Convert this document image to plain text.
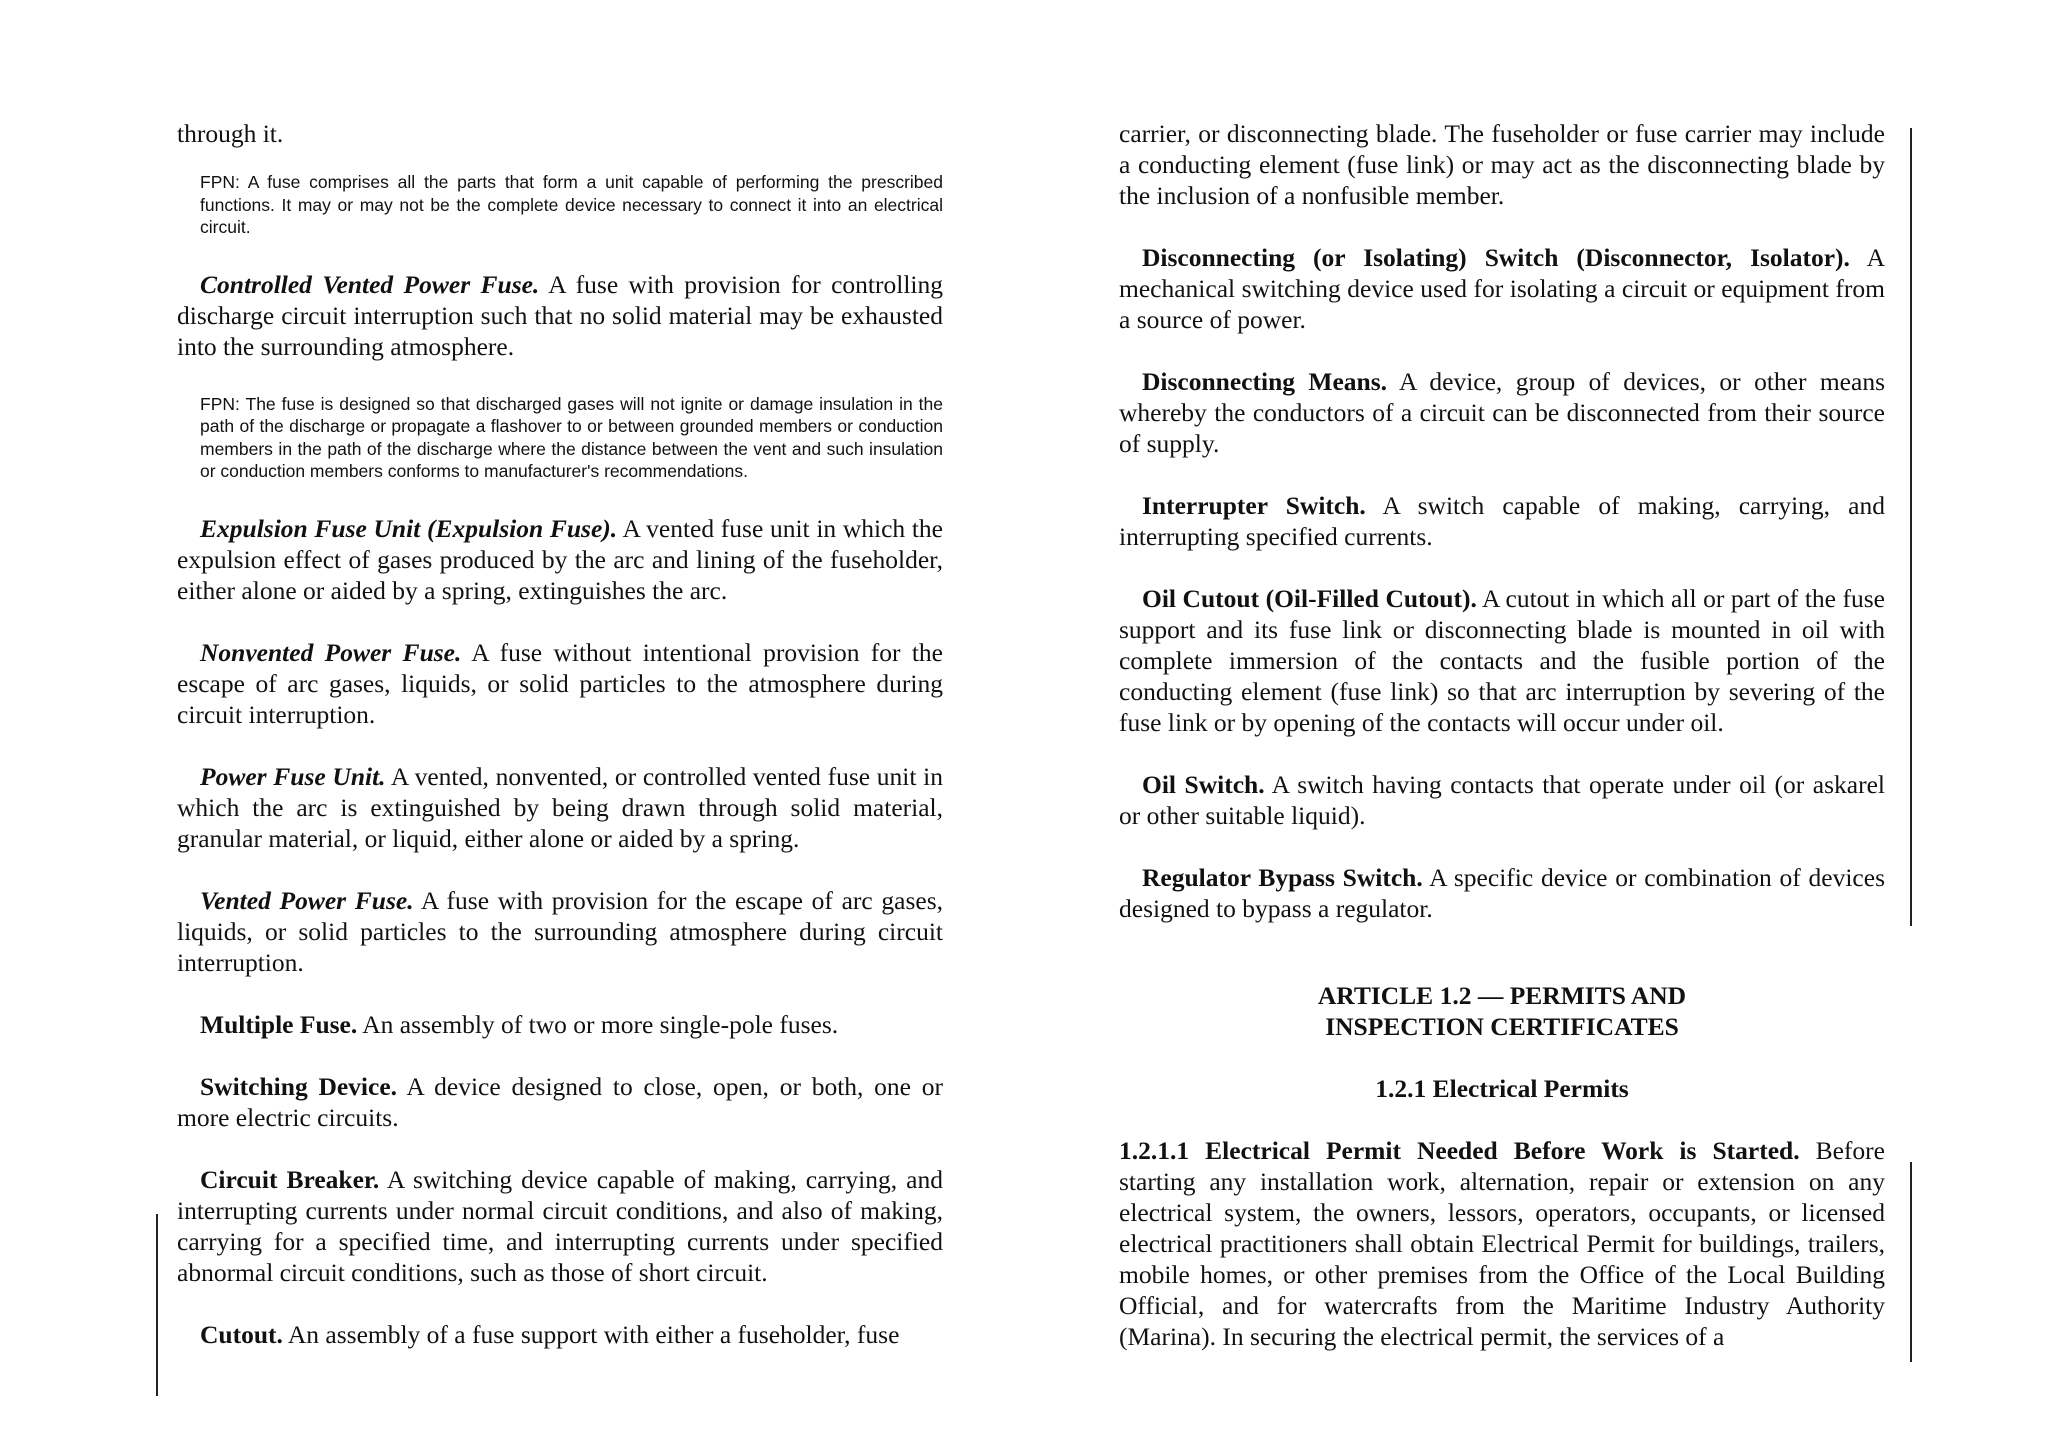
through it.

FPN: A fuse comprises all the parts that form a unit capable of performing the prescribed functions. It may or may not be the complete device necessary to connect it into an electrical circuit.

Controlled Vented Power Fuse. A fuse with provision for controlling discharge circuit interruption such that no solid material may be exhausted into the surrounding atmosphere.

FPN: The fuse is designed so that discharged gases will not ignite or damage insulation in the path of the discharge or propagate a flashover to or between grounded members or conduction members in the path of the discharge where the distance between the vent and such insulation or conduction members conforms to manufacturer's recommendations.

Expulsion Fuse Unit (Expulsion Fuse). A vented fuse unit in which the expulsion effect of gases produced by the arc and lining of the fuseholder, either alone or aided by a spring, extinguishes the arc.

Nonvented Power Fuse. A fuse without intentional provision for the escape of arc gases, liquids, or solid particles to the atmosphere during circuit interruption.

Power Fuse Unit. A vented, nonvented, or controlled vented fuse unit in which the arc is extinguished by being drawn through solid material, granular material, or liquid, either alone or aided by a spring.

Vented Power Fuse. A fuse with provision for the escape of arc gases, liquids, or solid particles to the surrounding atmosphere during circuit interruption.

Multiple Fuse. An assembly of two or more single-pole fuses.

Switching Device. A device designed to close, open, or both, one or more electric circuits.

Circuit Breaker. A switching device capable of making, carrying, and interrupting currents under normal circuit conditions, and also of making, carrying for a specified time, and interrupting currents under specified abnormal circuit conditions, such as those of short circuit.

Cutout. An assembly of a fuse support with either a fuseholder, fuse

carrier, or disconnecting blade. The fuseholder or fuse carrier may include a conducting element (fuse link) or may act as the disconnecting blade by the inclusion of a nonfusible member.

Disconnecting (or Isolating) Switch (Disconnector, Isolator). A mechanical switching device used for isolating a circuit or equipment from a source of power.

Disconnecting Means. A device, group of devices, or other means whereby the conductors of a circuit can be disconnected from their source of supply.

Interrupter Switch. A switch capable of making, carrying, and interrupting specified currents.

Oil Cutout (Oil-Filled Cutout). A cutout in which all or part of the fuse support and its fuse link or disconnecting blade is mounted in oil with complete immersion of the contacts and the fusible portion of the conducting element (fuse link) so that arc interruption by severing of the fuse link or by opening of the contacts will occur under oil.

Oil Switch. A switch having contacts that operate under oil (or askarel or other suitable liquid).

Regulator Bypass Switch. A specific device or combination of devices designed to bypass a regulator.

ARTICLE 1.2 — PERMITS AND

INSPECTION CERTIFICATES

1.2.1 Electrical Permits

1.2.1.1 Electrical Permit Needed Before Work is Started. Before starting any installation work, alternation, repair or extension on any electrical system, the owners, lessors, operators, occupants, or licensed electrical practitioners shall obtain Electrical Permit for buildings, trailers, mobile homes, or other premises from the Office of the Local Building Official, and for watercrafts from the Maritime Industry Authority (Marina). In securing the electrical permit, the services of a
